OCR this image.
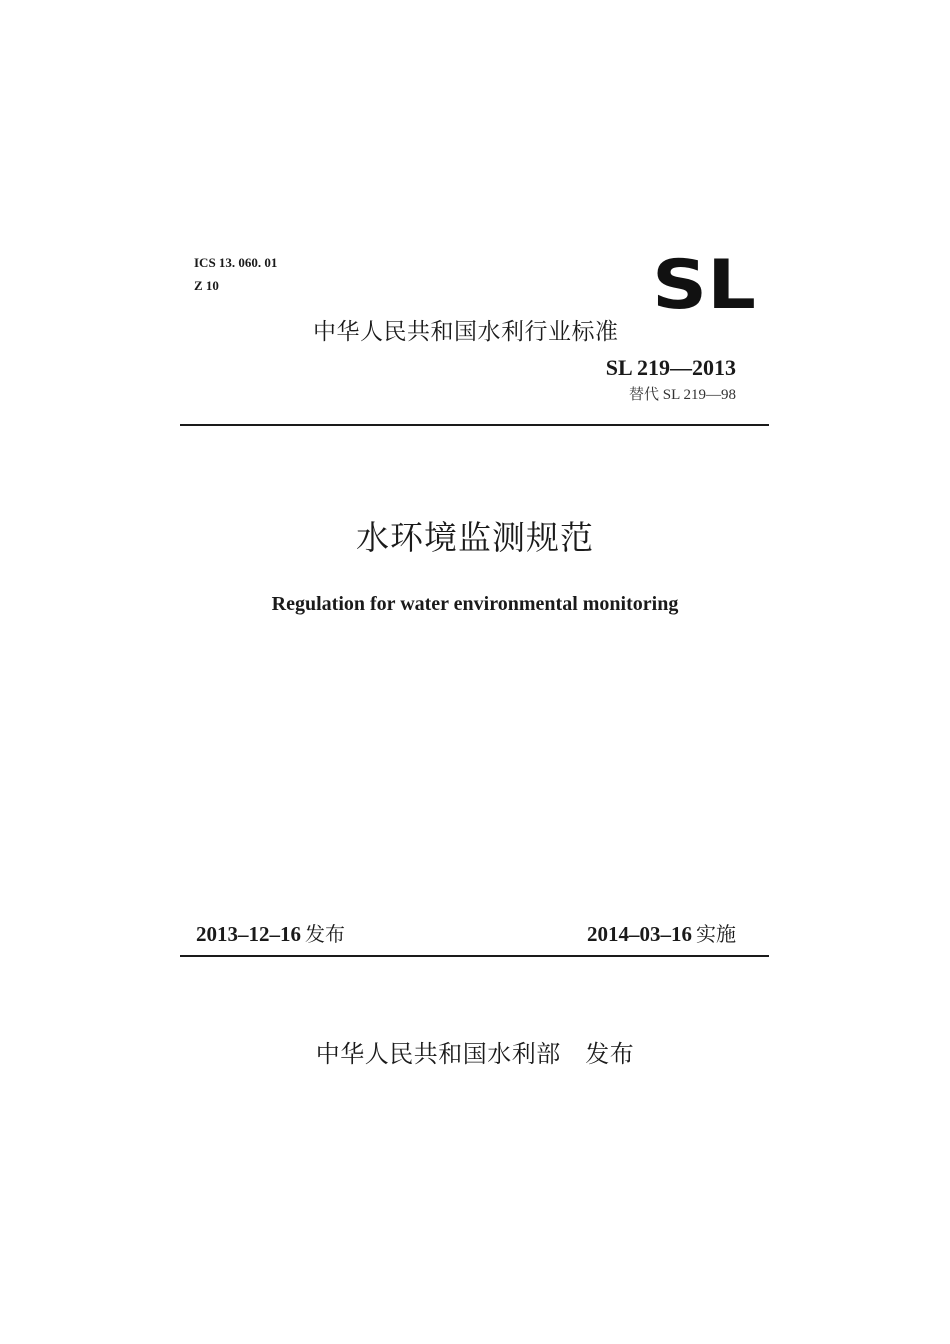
ICS 13. 060. 01
Z 10	SL
中华人民共和国水利行业标准
SL 219—2013
替代 SL 219—98
水环境监测规范
Regulation for water environmental monitoring
2013–12–16 发布	2014–03–16 实施
中华人民共和国水利部　发布
